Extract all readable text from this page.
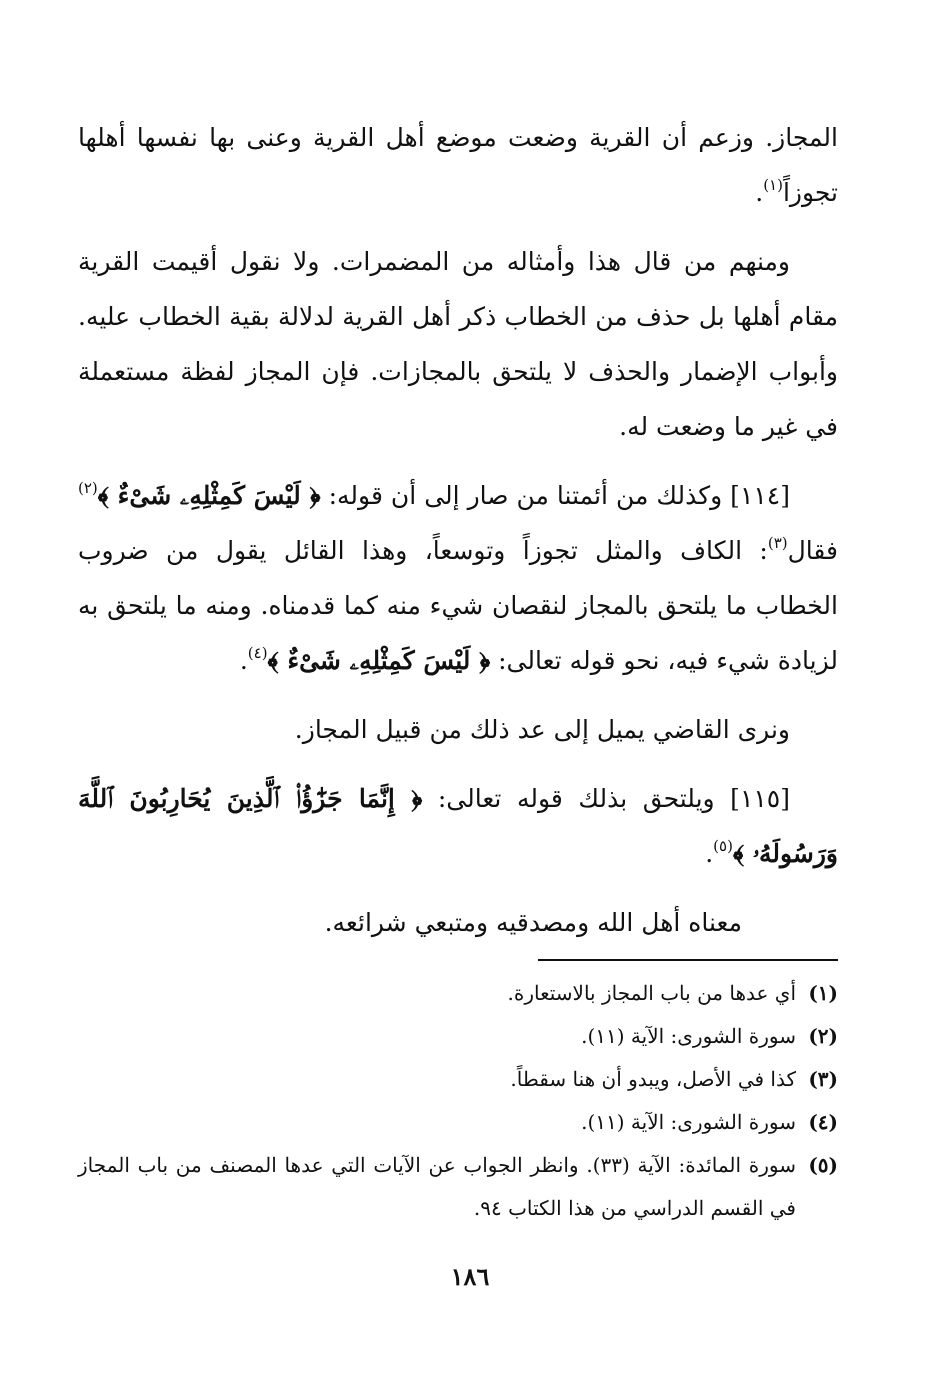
المجاز. وزعم أن القرية وضعت موضع أهل القرية وعنى بها نفسها أهلها تجوزاً$^{(١)}$.

ومنهم من قال هذا وأمثاله من المضمرات. ولا نقول أقيمت القرية مقام أهلها بل حذف من الخطاب ذكر أهل القرية لدلالة بقية الخطاب عليه. وأبواب الإضمار والحذف لا يلتحق بالمجازات. فإن المجاز لفظة مستعملة في غير ما وضعت له.

[١١٤] وكذلك من أئمتنا من صار إلى أن قوله: ﴿ لَيْسَ كَمِثْلِهِۦ شَىْءٌ ﴾$^{(٢)}$ فقال$^{(٣)}$: الكاف والمثل تجوزاً وتوسعاً، وهذا القائل يقول من ضروب الخطاب ما يلتحق بالمجاز لنقصان شيء منه كما قدمناه. ومنه ما يلتحق به لزيادة شيء فيه، نحو قوله تعالى: ﴿ لَيْسَ كَمِثْلِهِۦ شَىْءٌ ﴾$^{(٤)}$.

ونرى القاضي يميل إلى عد ذلك من قبيل المجاز.

[١١٥] ويلتحق بذلك قوله تعالى: ﴿ إِنَّمَا جَزَٰٓؤُا۟ ٱلَّذِينَ يُحَارِبُونَ ٱللَّهَ وَرَسُولَهُۥ ﴾$^{(٥)}$.

معناه أهل الله ومصدقيه ومتبعي شرائعه.

(١)
أي عدها من باب المجاز بالاستعارة.
(٢)
سورة الشورى: الآية (١١).
(٣)
كذا في الأصل، ويبدو أن هنا سقطاً.
(٤)
سورة الشورى: الآية (١١).
(٥)
سورة المائدة: الآية (٣٣). وانظر الجواب عن الآيات التي عدها المصنف من باب المجاز في القسم الدراسي من هذا الكتاب ٩٤.
١٨٦
